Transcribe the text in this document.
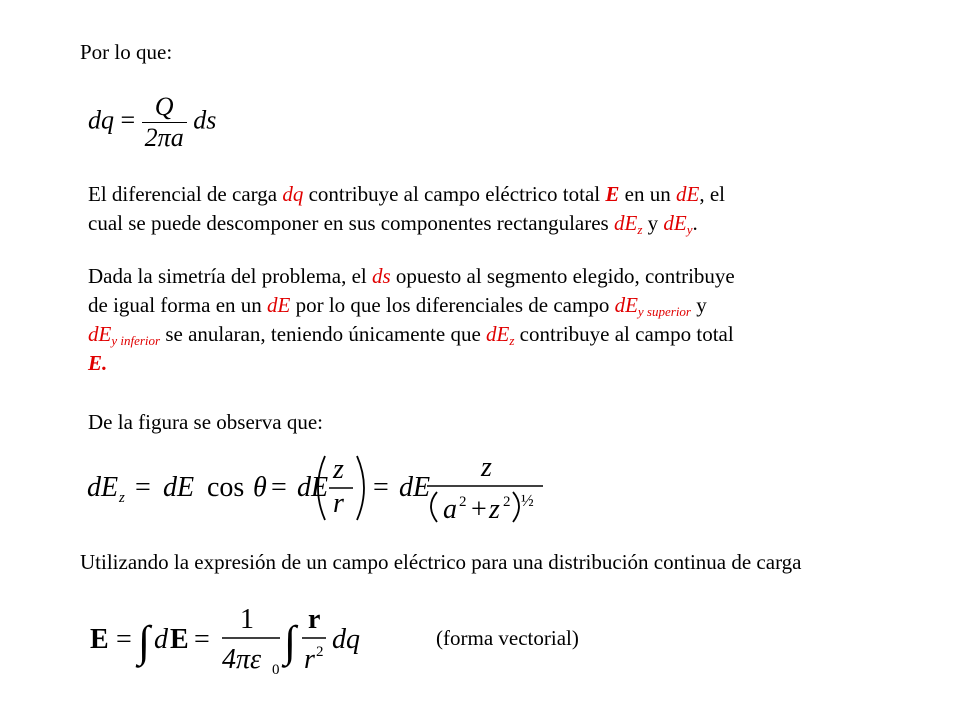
Por lo que:
dq = $\frac{Q}{2\pi a}$ ds
El diferencial de carga dq contribuye al campo eléctrico total E en un dE, el
cual se puede descomponer en sus componentes rectangulares $dE_z$ y $dE_y$.
Dada la simetría del problema, el ds opuesto al segmento elegido, contribuye
de igual forma en un dE por lo que los diferenciales de campo $dE_{y superior}$ y
$dE_{y inferior}$ se anularan, teniendo únicamente que $dE_z$ contribuye al campo total
E.
De la figura se observa que:
dE z = dE cos θ = dE
z
r
= dE
z
a 2 + z 2 ½
Utilizando la expresión de un campo eléctrico para una distribución continua de carga
E = ∫ d E =
1
4πε 0
∫ r
r 2 dq	(forma vectorial)
